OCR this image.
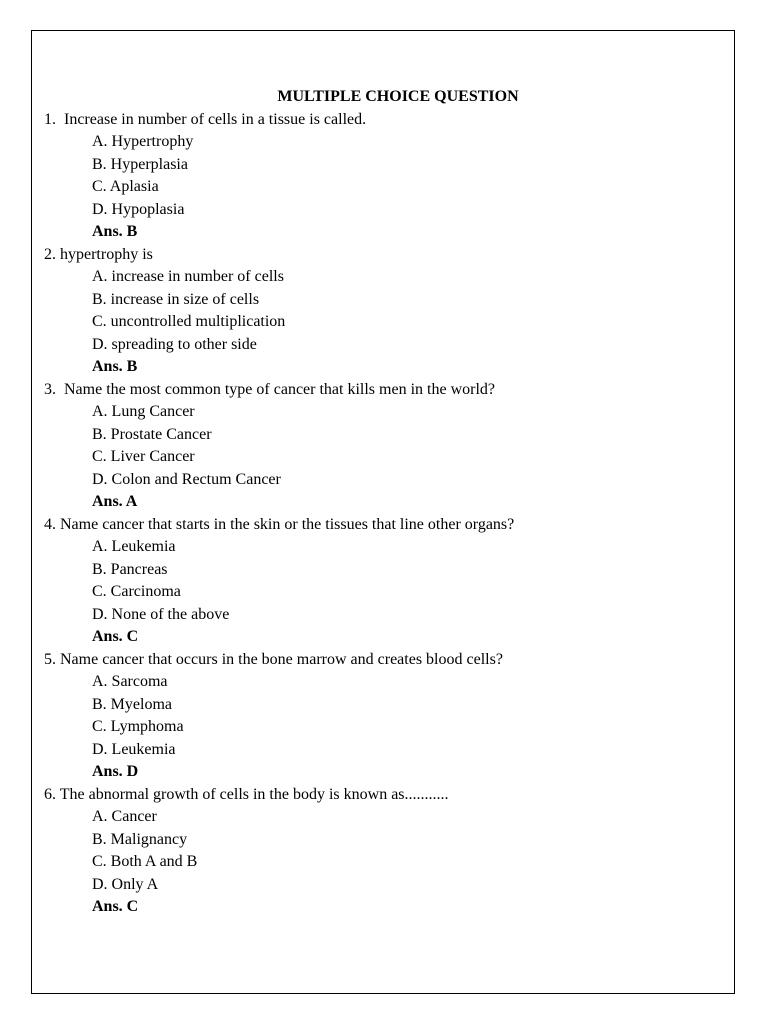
MULTIPLE CHOICE QUESTION
1.  Increase in number of cells in a tissue is called.
A. Hypertrophy
B. Hyperplasia
C. Aplasia
D. Hypoplasia
Ans. B
2. hypertrophy is
A. increase in number of cells
B. increase in size of cells
C. uncontrolled multiplication
D. spreading to other side
Ans. B
3.  Name the most common type of cancer that kills men in the world?
A. Lung Cancer
B. Prostate Cancer
C. Liver Cancer
D. Colon and Rectum Cancer
Ans. A
4. Name cancer that starts in the skin or the tissues that line other organs?
A. Leukemia
B. Pancreas
C. Carcinoma
D. None of the above
Ans. C
5. Name cancer that occurs in the bone marrow and creates blood cells?
A. Sarcoma
B. Myeloma
C. Lymphoma
D. Leukemia
Ans. D
6. The abnormal growth of cells in the body is known as...........
A. Cancer
B. Malignancy
C. Both A and B
D. Only A
Ans. C
